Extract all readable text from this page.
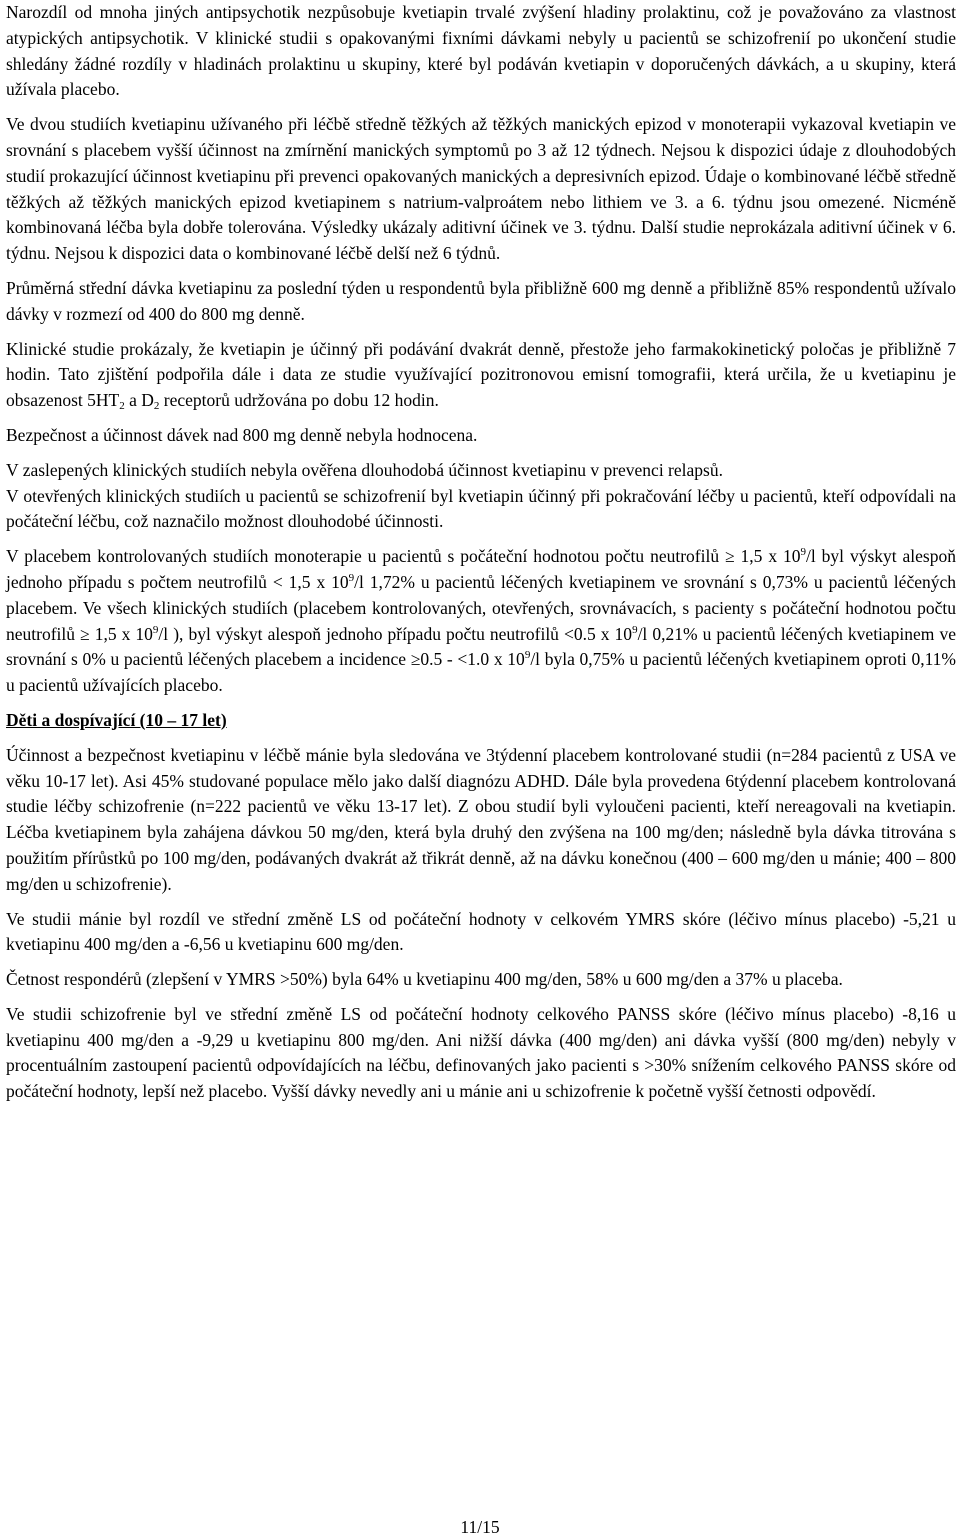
Narozdíl od mnoha jiných antipsychotik nezpůsobuje kvetiapin trvalé zvýšení hladiny prolaktinu, což je považováno za vlastnost atypických antipsychotik. V klinické studii s opakovanými fixními dávkami nebyly u pacientů se schizofrenií po ukončení studie shledány žádné rozdíly v hladinách prolaktinu u skupiny, které byl podáván kvetiapin v doporučených dávkách, a u skupiny, která užívala placebo.

Ve dvou studiích kvetiapinu užívaného při léčbě středně těžkých až těžkých manických epizod v monoterapii vykazoval kvetiapin ve srovnání s placebem vyšší účinnost na zmírnění manických symptomů po 3 až 12 týdnech. Nejsou k dispozici údaje z dlouhodobých studií prokazující účinnost kvetiapinu při prevenci opakovaných manických a depresivních epizod. Údaje o kombinované léčbě středně těžkých až těžkých manických epizod kvetiapinem s natrium-valproátem nebo lithiem ve 3. a 6. týdnu jsou omezené. Nicméně kombinovaná léčba byla dobře tolerována. Výsledky ukázaly aditivní účinek ve 3. týdnu. Další studie neprokázala aditivní účinek v 6. týdnu. Nejsou k dispozici data o kombinované léčbě delší než 6 týdnů.

Průměrná střední dávka kvetiapinu za poslední týden u respondentů byla přibližně 600 mg denně a přibližně 85% respondentů užívalo dávky v rozmezí od 400 do 800 mg denně.

Klinické studie prokázaly, že kvetiapin je účinný při podávání dvakrát denně, přestože jeho farmakokinetický poločas je přibližně 7 hodin. Tato zjištění podpořila dále i data ze studie využívající pozitronovou emisní tomografii, která určila, že u kvetiapinu je obsazenost $5HT_2$ a $D_2$ receptorů udržována po dobu 12 hodin.

Bezpečnost a účinnost dávek nad 800 mg denně nebyla hodnocena.

V zaslepených klinických studiích nebyla ověřena dlouhodobá účinnost kvetiapinu v prevenci relapsů.

V otevřených klinických studiích u pacientů se schizofrenií byl kvetiapin účinný při pokračování léčby u pacientů, kteří odpovídali na počáteční léčbu, což naznačilo možnost dlouhodobé účinnosti.

V placebem kontrolovaných studiích monoterapie u pacientů s počáteční hodnotou počtu neutrofilů ≥ 1,5 x $10^9/l$ byl výskyt alespoň jednoho případu s počtem neutrofilů < 1,5 x $10^9/l$ 1,72% u pacientů léčených kvetiapinem ve srovnání s 0,73% u pacientů léčených placebem. Ve všech klinických studiích (placebem kontrolovaných, otevřených, srovnávacích, s pacienty s počáteční hodnotou počtu neutrofilů ≥ 1,5 x $10^9/l$ ), byl výskyt alespoň jednoho případu počtu neutrofilů <0.5 x $10^9/l$ 0,21% u pacientů léčených kvetiapinem ve srovnání s 0% u pacientů léčených placebem a incidence ≥0.5 - <1.0 x $10^9/l$ byla 0,75% u pacientů léčených kvetiapinem oproti 0,11% u pacientů užívajících placebo.

Děti a dospívající (10 – 17 let)

Účinnost a bezpečnost kvetiapinu v léčbě mánie byla sledována ve 3týdenní placebem kontrolované studii (n=284 pacientů z USA ve věku 10-17 let). Asi 45% studované populace mělo jako další diagnózu ADHD. Dále byla provedena 6týdenní placebem kontrolovaná studie léčby schizofrenie (n=222 pacientů ve věku 13-17 let). Z obou studií byli vyloučeni pacienti, kteří nereagovali na kvetiapin. Léčba kvetiapinem byla zahájena dávkou 50 mg/den, která byla druhý den zvýšena na 100 mg/den; následně byla dávka titrována s použitím přírůstků po 100 mg/den, podávaných dvakrát až třikrát denně, až na dávku konečnou (400 – 600 mg/den u mánie; 400 – 800 mg/den u schizofrenie).

Ve studii mánie byl rozdíl ve střední změně LS od počáteční hodnoty v celkovém YMRS skóre (léčivo mínus placebo) -5,21 u kvetiapinu 400 mg/den a -6,56 u kvetiapinu 600 mg/den.

Četnost respondérů (zlepšení v YMRS >50%) byla 64% u kvetiapinu 400 mg/den, 58% u 600 mg/den a 37% u placeba.

Ve studii schizofrenie byl ve střední změně LS od počáteční hodnoty celkového PANSS skóre (léčivo mínus placebo) -8,16 u kvetiapinu 400 mg/den a -9,29 u kvetiapinu 800 mg/den. Ani nižší dávka (400 mg/den) ani dávka vyšší (800 mg/den) nebyly v procentuálním zastoupení pacientů odpovídajících na léčbu, definovaných jako pacienti s >30% snížením celkového PANSS skóre od počáteční hodnoty, lepší než placebo. Vyšší dávky nevedly ani u mánie ani u schizofrenie k početně vyšší četnosti odpovědí.

11/15
